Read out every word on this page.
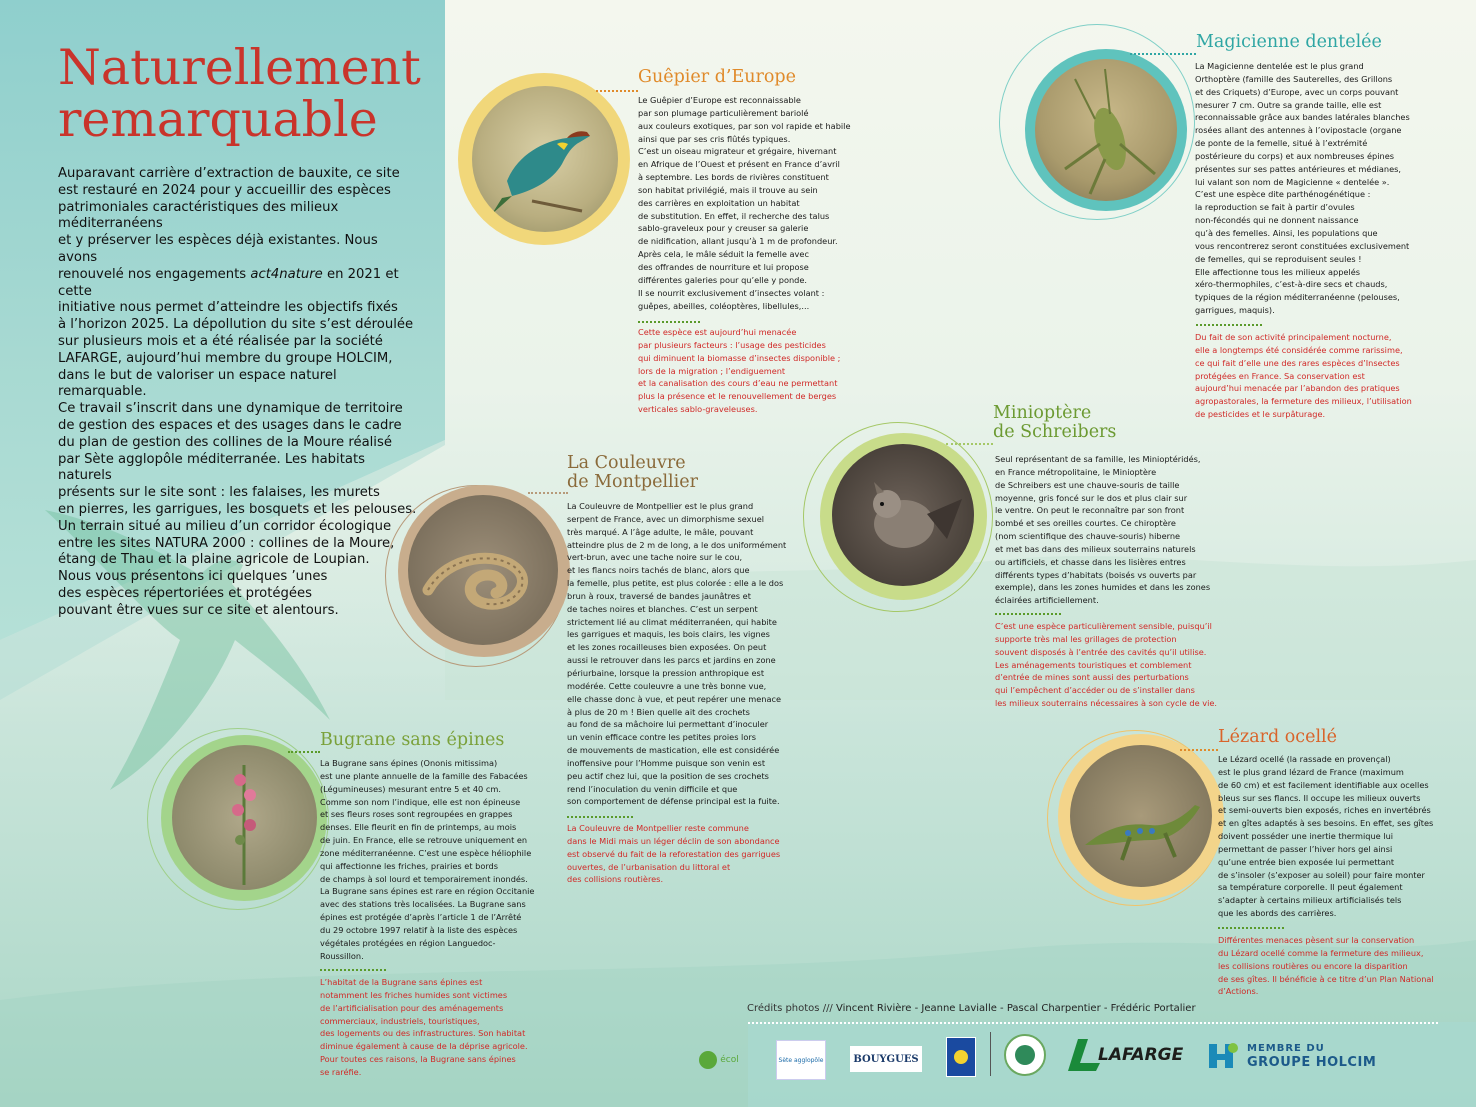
Naturellement
remarquable

Auparavant carrière d’extraction de bauxite, ce site
est restauré en 2024 pour y accueillir des espèces
patrimoniales caractéristiques des milieux méditerranéens
et y préserver les espèces déjà existantes. Nous avons
renouvelé nos engagements act4nature en 2021 et cette
initiative nous permet d’atteindre les objectifs fixés
à l’horizon 2025. La dépollution du site s’est déroulée
sur plusieurs mois et a été réalisée par la société
LAFARGE, aujourd’hui membre du groupe HOLCIM,
dans le but de valoriser un espace naturel remarquable.
Ce travail s’inscrit dans une dynamique de territoire
de gestion des espaces et des usages dans le cadre
du plan de gestion des collines de la Moure réalisé
par Sète agglopôle méditerranée. Les habitats naturels
présents sur le site sont : les falaises, les murets
en pierres, les garrigues, les bosquets et les pelouses.
Un terrain situé au milieu d’un corridor écologique
entre les sites NATURA 2000 : collines de la Moure,
étang de Thau et la plaine agricole de Loupian.
Nous vous présentons ici quelques ’unes
des espèces répertoriées et protégées
pouvant être vues sur ce site et alentours.

Guêpier d’Europe
Le Guêpier d’Europe est reconnaissable
par son plumage particulièrement bariolé
aux couleurs exotiques, par son vol rapide et habile
ainsi que par ses cris flûtés typiques.
C’est un oiseau migrateur et grégaire, hivernant
en Afrique de l’Ouest et présent en France d’avril
à septembre. Les bords de rivières constituent
son habitat privilégié, mais il trouve au sein
des carrières en exploitation un habitat
de substitution. En effet, il recherche des talus
sablo-graveleux pour y creuser sa galerie
de nidification, allant jusqu’à 1 m de profondeur.
Après cela, le mâle séduit la femelle avec
des offrandes de nourriture et lui propose
différentes galeries pour qu’elle y ponde.
Il se nourrit exclusivement d’insectes volant :
guêpes, abeilles, coléoptères, libellules,...
Cette espèce est aujourd’hui menacée
par plusieurs facteurs : l’usage des pesticides
qui diminuent la biomasse d’insectes disponible ;
lors de la migration ; l’endiguement
et la canalisation des cours d’eau ne permettant
plus la présence et le renouvellement de berges
verticales sablo-graveleuses.
Magicienne dentelée
La Magicienne dentelée est le plus grand
Orthoptère (famille des Sauterelles, des Grillons
et des Criquets) d’Europe, avec un corps pouvant
mesurer 7 cm. Outre sa grande taille, elle est
reconnaissable grâce aux bandes latérales blanches
rosées allant des antennes à l’ovipostacle (organe
de ponte de la femelle, situé à l’extrémité
postérieure du corps) et aux nombreuses épines
présentes sur ses pattes antérieures et médianes,
lui valant son nom de Magicienne « dentelée ».
C’est une espèce dite parthénogénétique :
la reproduction se fait à partir d’ovules
non-fécondés qui ne donnent naissance
qu’à des femelles. Ainsi, les populations que
vous rencontrerez seront constituées exclusivement
de femelles, qui se reproduisent seules !
Elle affectionne tous les milieux appelés
xéro-thermophiles, c’est-à-dire secs et chauds,
typiques de la région méditerranéenne (pelouses,
garrigues, maquis).
Du fait de son activité principalement nocturne,
elle a longtemps été considérée comme rarissime,
ce qui fait d’elle une des rares espèces d’Insectes
protégées en France. Sa conservation est
aujourd’hui menacée par l’abandon des pratiques
agropastorales, la fermeture des milieux, l’utilisation
de pesticides et le surpâturage.
La Couleuvre
de Montpellier
La Couleuvre de Montpellier est le plus grand
serpent de France, avec un dimorphisme sexuel
très marqué. A l’âge adulte, le mâle, pouvant
atteindre plus de 2 m de long, a le dos uniformément
vert-brun, avec une tache noire sur le cou,
et les flancs noirs tachés de blanc, alors que
la femelle, plus petite, est plus colorée : elle a le dos
brun à roux, traversé de bandes jaunâtres et
de taches noires et blanches. C’est un serpent
strictement lié au climat méditerranéen, qui habite
les garrigues et maquis, les bois clairs, les vignes
et les zones rocailleuses bien exposées. On peut
aussi le retrouver dans les parcs et jardins en zone
périurbaine, lorsque la pression anthropique est
modérée. Cette couleuvre a une très bonne vue,
elle chasse donc à vue, et peut repérer une menace
à plus de 20 m ! Bien quelle ait des crochets
au fond de sa mâchoire lui permettant d’inoculer
un venin efficace contre les petites proies lors
de mouvements de mastication, elle est considérée
inoffensive pour l’Homme puisque son venin est
peu actif chez lui, que la position de ses crochets
rend l’inoculation du venin difficile et que
son comportement de défense principal est la fuite.
La Couleuvre de Montpellier reste commune
dans le Midi mais un léger déclin de son abondance
est observé du fait de la reforestation des garrigues
ouvertes, de l’urbanisation du littoral et
des collisions routières.
Minioptère
de Schreibers
Seul représentant de sa famille, les Minioptéridés,
en France métropolitaine, le Minioptère
de Schreibers est une chauve-souris de taille
moyenne, gris foncé sur le dos et plus clair sur
le ventre. On peut le reconnaître par son front
bombé et ses oreilles courtes. Ce chiroptère
(nom scientifique des chauve-souris) hiberne
et met bas dans des milieux souterrains naturels
ou artificiels, et chasse dans les lisières entres
différents types d’habitats (boisés vs ouverts par
exemple), dans les zones humides et dans les zones
éclairées artificiellement.
C’est une espèce particulièrement sensible, puisqu’il
supporte très mal les grillages de protection
souvent disposés à l’entrée des cavités qu’il utilise.
Les aménagements touristiques et comblement
d’entrée de mines sont aussi des perturbations
qui l’empêchent d’accéder ou de s’installer dans
les milieux souterrains nécessaires à son cycle de vie.
Bugrane sans épines
La Bugrane sans épines (Ononis mitissima)
est une plante annuelle de la famille des Fabacées
(Légumineuses) mesurant entre 5 et 40 cm.
Comme son nom l’indique, elle est non épineuse
et ses fleurs roses sont regroupées en grappes
denses. Elle fleurit en fin de printemps, au mois
de juin. En France, elle se retrouve uniquement en
zone méditerranéenne. C’est une espèce héliophile
qui affectionne les friches, prairies et bords
de champs à sol lourd et temporairement inondés.
La Bugrane sans épines est rare en région Occitanie
avec des stations très localisées. La Bugrane sans
épines est protégée d’après l’article 1 de l’Arrêté
du 29 octobre 1997 relatif à la liste des espèces
végétales protégées en région Languedoc-
Roussillon.
L’habitat de la Bugrane sans épines est
notamment les friches humides sont victimes
de l’artificialisation pour des aménagements
commerciaux, industriels, touristiques,
des logements ou des infrastructures. Son habitat
diminue également à cause de la déprise agricole.
Pour toutes ces raisons, la Bugrane sans épines
se raréfie.
Lézard ocellé
Le Lézard ocellé (la rassade en provençal)
est le plus grand lézard de France (maximum
de 60 cm) et est facilement identifiable aux ocelles
bleus sur ses flancs. Il occupe les milieux ouverts
et semi-ouverts bien exposés, riches en invertébrés
et en gîtes adaptés à ses besoins. En effet, ses gîtes
doivent posséder une inertie thermique lui
permettant de passer l’hiver hors gel ainsi
qu’une entrée bien exposée lui permettant
de s’insoler (s’exposer au soleil) pour faire monter
sa température corporelle. Il peut également
s’adapter à certains milieux artificialisés tels
que les abords des carrières.
Différentes menaces pèsent sur la conservation
du Lézard ocellé comme la fermeture des milieux,
les collisions routières ou encore la disparition
de ses gîtes. Il bénéficie à ce titre d’un Plan National
d’Actions.
Crédits photos /// Vincent Rivière - Jeanne Lavialle - Pascal Charpentier - Frédéric Portalier
écol	Sète agglopôle	BOUYGUES	LAFARGE	MEMBRE DU
GROUPE HOLCIM
